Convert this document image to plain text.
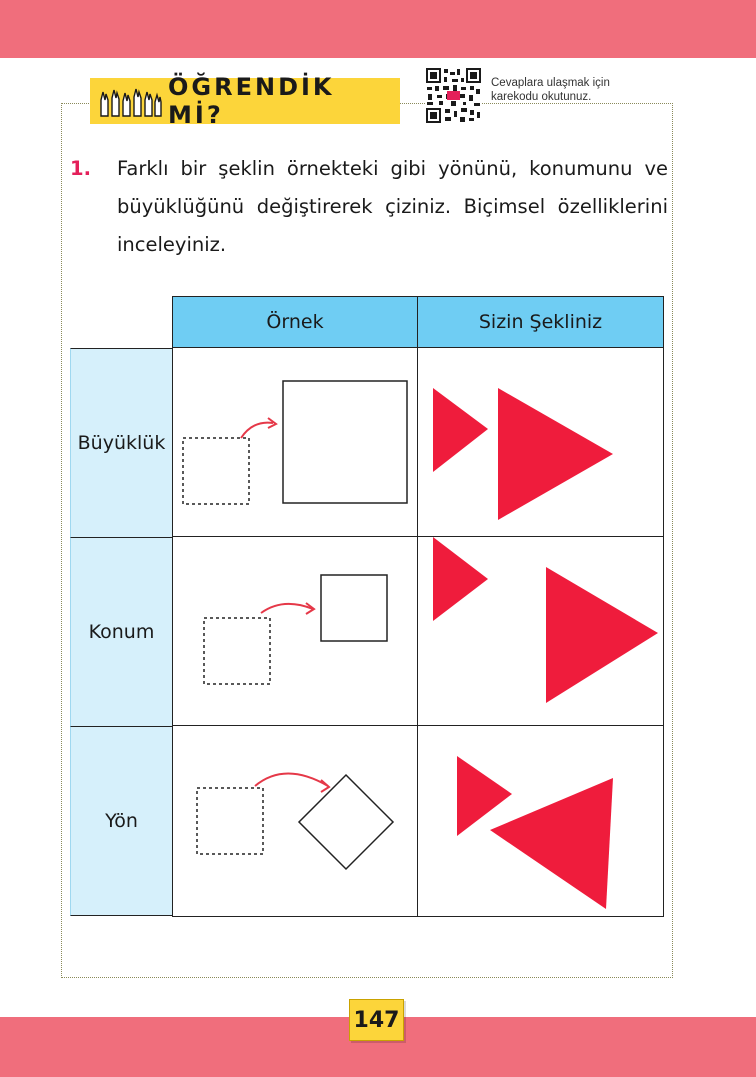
ÖĞRENDİK Mİ?
Cevaplara ulaşmak için karekodu okutunuz.
1. Farklı bir şeklin örnekteki gibi yönünü, konumunu ve büyüklüğünü değiştirerek çiziniz. Biçimsel özelliklerini inceleyiniz.

Örnek	Sizin Şekliniz
Büyüklük
Konum
Yön
147
